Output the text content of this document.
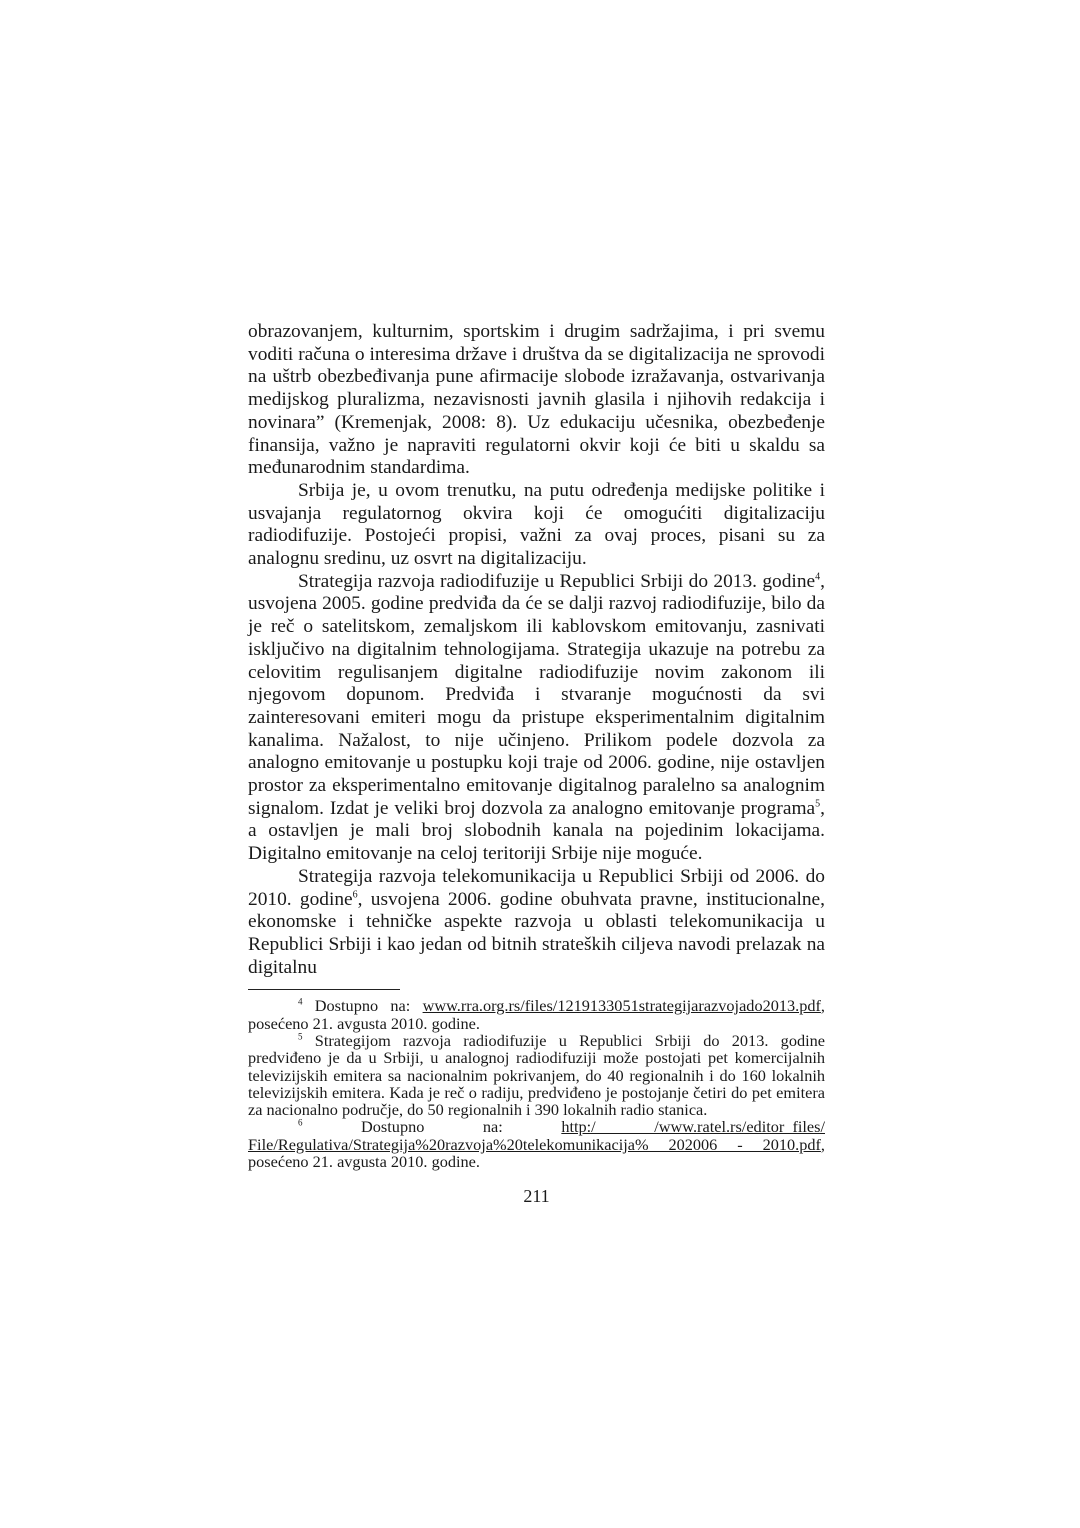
obrazovanjem, kulturnim, sportskim i drugim sadržajima, i pri svemu voditi računa o interesima države i društva da se digitalizacija ne sprovodi na uštrb obezbeđivanja pune afirmacije slobode izražavanja, ostvarivanja medijskog pluralizma, nezavisnosti javnih glasila i njihovih redakcija i novinara” (Kremenjak, 2008: 8). Uz edukaciju učesnika, obezbeđenje finansija, važno je napraviti regulatorni okvir koji će biti u skaldu sa međunarodnim standardima.

Srbija je, u ovom trenutku, na putu određenja medijske politike i usvajanja regulatornog okvira koji će omogućiti digitalizaciju radiodifuzije. Postojeći propisi, važni za ovaj proces, pisani su za analognu sredinu, uz osvrt na digitalizaciju.

Strategija razvoja radiodifuzije u Republici Srbiji do 2013. godine$^4$, usvojena 2005. godine predviđa da će se dalji razvoj radiodifuzije, bilo da je reč o satelitskom, zemaljskom ili kablovskom emitovanju, zasnivati isključivo na digitalnim tehnologijama. Strategija ukazuje na potrebu za celovitim regulisanjem digitalne radiodifuzije novim zakonom ili njegovom dopunom. Predviđa i stvaranje mogućnosti da svi zainteresovani emiteri mogu da pristupe eksperimentalnim digitalnim kanalima. Nažalost, to nije učinjeno. Prilikom podele dozvola za analogno emitovanje u postupku koji traje od 2006. godine, nije ostavljen prostor za eksperimentalno emitovanje digitalnog paralelno sa analognim signalom. Izdat je veliki broj dozvola za analogno emitovanje programa$^5$, a ostavljen je mali broj slobodnih kanala na pojedinim lokacijama. Digitalno emitovanje na celoj teritoriji Srbije nije moguće.

Strategija razvoja telekomunikacija u Republici Srbiji od 2006. do 2010. godine$^6$, usvojena 2006. godine obuhvata pravne, institucionalne, ekonomske i tehničke aspekte razvoja u oblasti telekomunikacija u Republici Srbiji i kao jedan od bitnih strateških ciljeva navodi prelazak na digitalnu

$^4$ Dostupno na: www.rra.org.rs/files/1219133051strategijarazvojado2013.pdf, posećeno 21. avgusta 2010. godine.

$^5$ Strategijom razvoja radiodifuzije u Republici Srbiji do 2013. godine predviđeno je da u Srbiji, u analognoj radiodifuziji može postojati pet komercijalnih televizijskih emitera sa nacionalnim pokrivanjem, do 40 regionalnih i do 160 lokalnih televizijskih emitera. Kada je reč o radiju, predviđeno je postojanje četiri do pet emitera za nacionalno područje, do 50 regionalnih i 390 lokalnih radio stanica.

$^6$ Dostupno na: http:/ /www.ratel.rs/editor_files/ File/Regulativa/Strategija%20razvoja%20telekomunikacija% 202006 - 2010.pdf, posećeno 21. avgusta 2010. godine.

211
